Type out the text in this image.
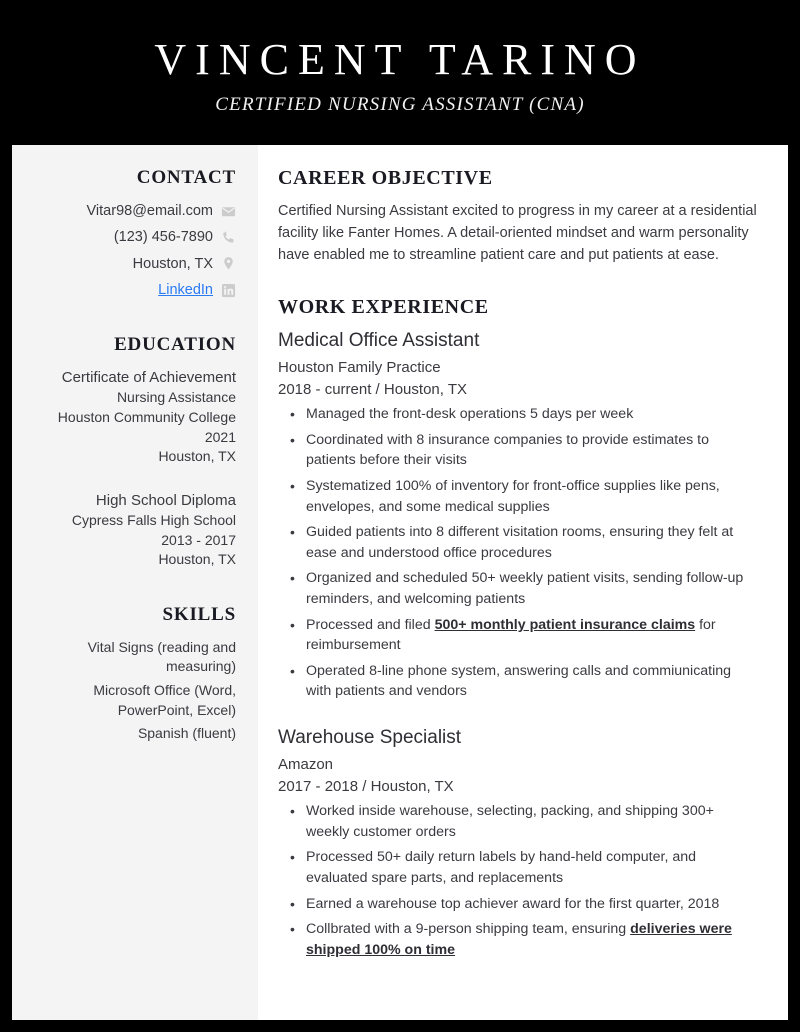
VINCENT TARINO
CERTIFIED NURSING ASSISTANT (CNA)
CONTACT
Vitar98@email.com
(123) 456-7890
Houston, TX
LinkedIn
EDUCATION
Certificate of Achievement
Nursing Assistance
Houston Community College
2021
Houston, TX
High School Diploma
Cypress Falls High School
2013 - 2017
Houston, TX
SKILLS
Vital Signs (reading and measuring)
Microsoft Office (Word, PowerPoint, Excel)
Spanish (fluent)
CAREER OBJECTIVE

Certified Nursing Assistant excited to progress in my career at a residential facility like Fanter Homes. A detail-oriented mindset and warm personality have enabled me to streamline patient care and put patients at ease.

WORK EXPERIENCE
Medical Office Assistant
Houston Family Practice
2018 - current / Houston, TX
• Managed the front-desk operations 5 days per week
• Coordinated with 8 insurance companies to provide estimates to patients before their visits
• Systematized 100% of inventory for front-office supplies like pens, envelopes, and some medical supplies
• Guided patients into 8 different visitation rooms, ensuring they felt at ease and understood office procedures
• Organized and scheduled 50+ weekly patient visits, sending follow-up reminders, and welcoming patients
• Processed and filed 500+ monthly patient insurance claims for reimbursement
• Operated 8-line phone system, answering calls and commiunicating with patients and vendors
Warehouse Specialist
Amazon
2017 - 2018 / Houston, TX
• Worked inside warehouse, selecting, packing, and shipping 300+ weekly customer orders
• Processed 50+ daily return labels by hand-held computer, and evaluated spare parts, and replacements
• Earned a warehouse top achiever award for the first quarter, 2018
• Collbrated with a 9-person shipping team, ensuring deliveries were shipped 100% on time
